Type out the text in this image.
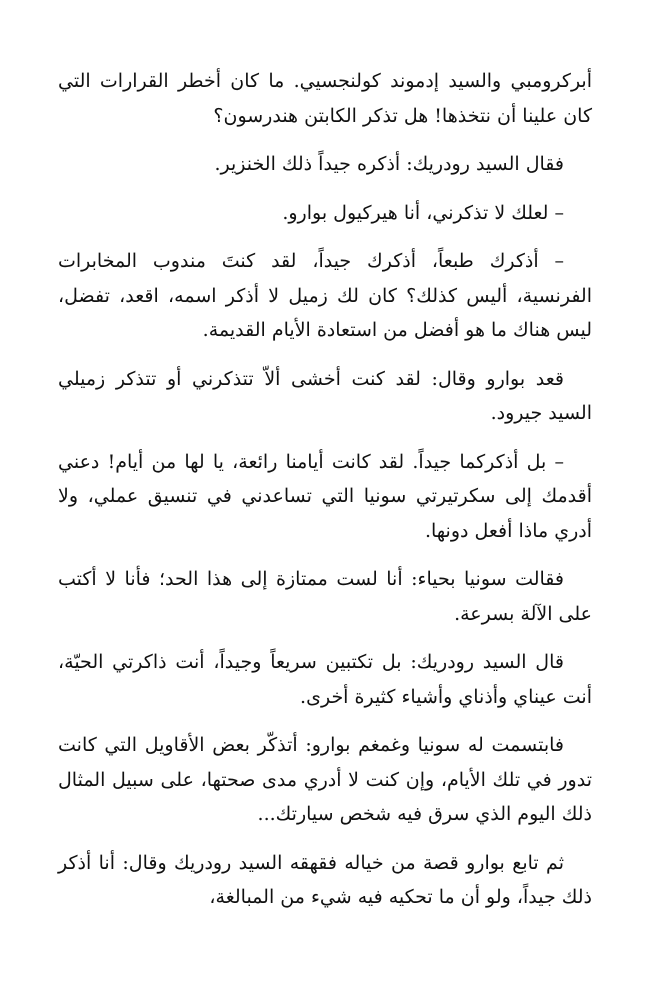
أبركرومبي والسيد إدموند كولنجسيي. ما كان أخطر القرارات التي كان علينا أن نتخذها! هل تذكر الكابتن هندرسون؟

فقال السيد رودريك: أذكره جيداً ذلك الخنزير.

– لعلك لا تذكرني، أنا هيركيول بوارو.

– أذكرك طبعاً، أذكرك جيداً، لقد كنتَ مندوب المخابرات الفرنسية، أليس كذلك؟ كان لك زميل لا أذكر اسمه، اقعد، تفضل، ليس هناك ما هو أفضل من استعادة الأيام القديمة.

قعد بوارو وقال: لقد كنت أخشى ألاّ تتذكرني أو تتذكر زميلي السيد جيرود.

– بل أذكركما جيداً. لقد كانت أيامنا رائعة، يا لها من أيام! دعني أقدمك إلى سكرتيرتي سونيا التي تساعدني في تنسيق عملي، ولا أدري ماذا أفعل دونها.

فقالت سونيا بحياء: أنا لست ممتازة إلى هذا الحد؛ فأنا لا أكتب على الآلة بسرعة.

قال السيد رودريك: بل تكتبين سريعاً وجيداً، أنت ذاكرتي الحيّة، أنت عيناي وأذناي وأشياء كثيرة أخرى.

فابتسمت له سونيا وغمغم بوارو: أتذكّر بعض الأقاويل التي كانت تدور في تلك الأيام، وإن كنت لا أدري مدى صحتها، على سبيل المثال ذلك اليوم الذي سرق فيه شخص سيارتك...

ثم تابع بوارو قصة من خياله فقهقه السيد رودريك وقال: أنا أذكر ذلك جيداً، ولو أن ما تحكيه فيه شيء من المبالغة،
